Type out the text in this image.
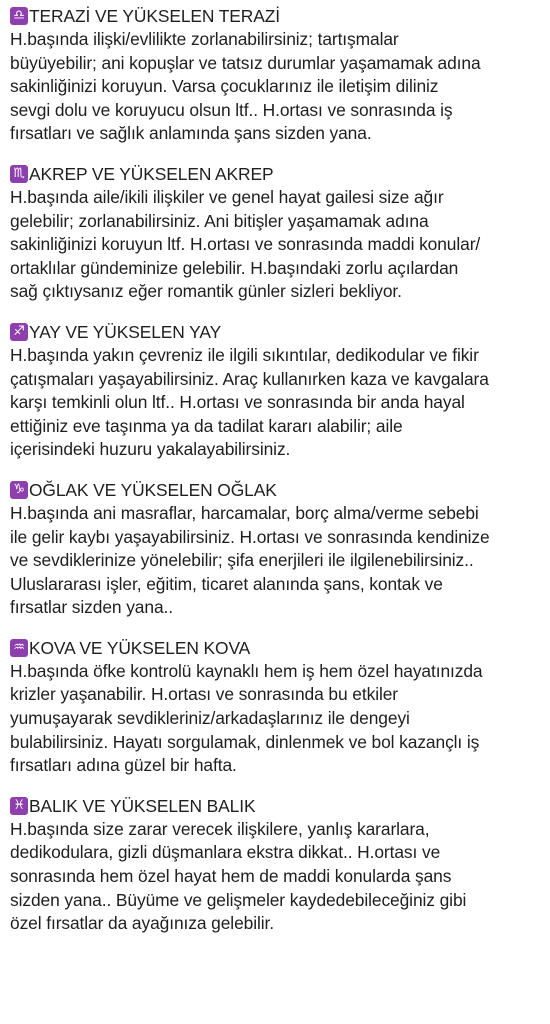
♎ TERAZİ VE YÜKSELEN TERAZİ

H.başında ilişki/evlilikte zorlanabilirsiniz; tartışmalar
büyüyebilir; ani kopuşlar ve tatsız durumlar yaşamamak adına
sakinliğinizi koruyun. Varsa çocuklarınız ile iletişim diliniz
sevgi dolu ve koruyucu olsun ltf.. H.ortası ve sonrasında iş
fırsatları ve sağlık anlamında şans sizden yana.

♏ AKREP VE YÜKSELEN AKREP

H.başında aile/ikili ilişkiler ve genel hayat gailesi size ağır
gelebilir; zorlanabilirsiniz. Ani bitişler yaşamamak adına
sakinliğinizi koruyun ltf. H.ortası ve sonrasında maddi konular/
ortaklılar gündeminize gelebilir. H.başındaki zorlu açılardan
sağ çıktıysanız eğer romantik günler sizleri bekliyor.

♐ YAY VE YÜKSELEN YAY

H.başında yakın çevreniz ile ilgili sıkıntılar, dedikodular ve fikir
çatışmaları yaşayabilirsiniz. Araç kullanırken kaza ve kavgalara
karşı temkinli olun ltf.. H.ortası ve sonrasında bir anda hayal
ettiğiniz eve taşınma ya da tadilat kararı alabilir; aile
içerisindeki huzuru yakalayabilirsiniz.

♑ OĞLAK VE YÜKSELEN OĞLAK

H.başında ani masraflar, harcamalar, borç alma/verme sebebi
ile gelir kaybı yaşayabilirsiniz. H.ortası ve sonrasında kendinize
ve sevdiklerinize yönelebilir; şifa enerjileri ile ilgilenebilirsiniz..
Uluslararası işler, eğitim, ticaret alanında şans, kontak ve
fırsatlar sizden yana..

♒ KOVA VE YÜKSELEN KOVA

H.başında öfke kontrolü kaynaklı hem iş hem özel hayatınızda
krizler yaşanabilir. H.ortası ve sonrasında bu etkiler
yumuşayarak sevdikleriniz/arkadaşlarınız ile dengeyi
bulabilirsiniz. Hayatı sorgulamak, dinlenmek ve bol kazançlı iş
fırsatları adına güzel bir hafta.

♓ BALIK VE YÜKSELEN BALIK

H.başında size zarar verecek ilişkilere, yanlış kararlara,
dedikodulara, gizli düşmanlara ekstra dikkat.. H.ortası ve
sonrasında hem özel hayat hem de maddi konularda şans
sizden yana.. Büyüme ve gelişmeler kaydedebileceğiniz gibi
özel fırsatlar da ayağınıza gelebilir.
